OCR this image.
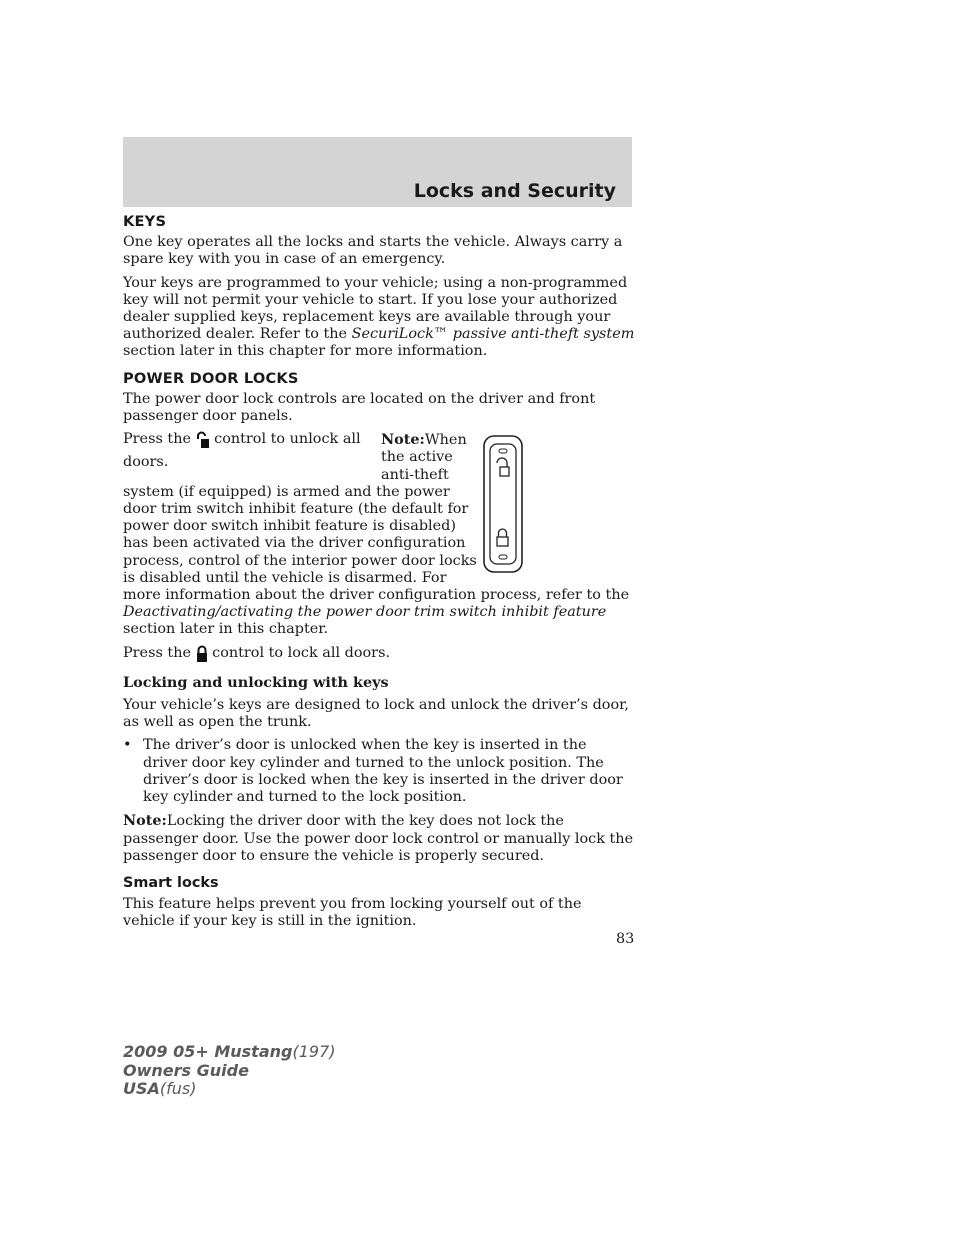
Locks and Security
KEYS

One key operates all the locks and starts the vehicle. Always carry a spare key with you in case of an emergency.

Your keys are programmed to your vehicle; using a non-programmed key will not permit your vehicle to start. If you lose your authorized dealer supplied keys, replacement keys are available through your authorized dealer. Refer to the SecuriLock™ passive anti-theft system section later in this chapter for more information.

POWER DOOR LOCKS

The power door lock controls are located on the driver and front passenger door panels.

Press the  control to unlock all doors.

Note:When the active anti-theft system (if equipped) is armed and the power door trim switch inhibit feature (the default for power door switch inhibit feature is disabled) has been activated via the driver configuration process, control of the interior power door locks is disabled until the vehicle is disarmed. For more information about the driver configuration process, refer to the Deactivating/activating the power door trim switch inhibit feature section later in this chapter.

Press the  control to lock all doors.

Locking and unlocking with keys

Your vehicle’s keys are designed to lock and unlock the driver’s door, as well as open the trunk.

• The driver’s door is unlocked when the key is inserted in the driver door key cylinder and turned to the unlock position. The driver’s door is locked when the key is inserted in the driver door key cylinder and turned to the lock position.

Note:Locking the driver door with the key does not lock the passenger door. Use the power door lock control or manually lock the passenger door to ensure the vehicle is properly secured.

Smart locks

This feature helps prevent you from locking yourself out of the vehicle if your key is still in the ignition.

83
2009 05+ Mustang(197)
Owners Guide
USA(fus)
